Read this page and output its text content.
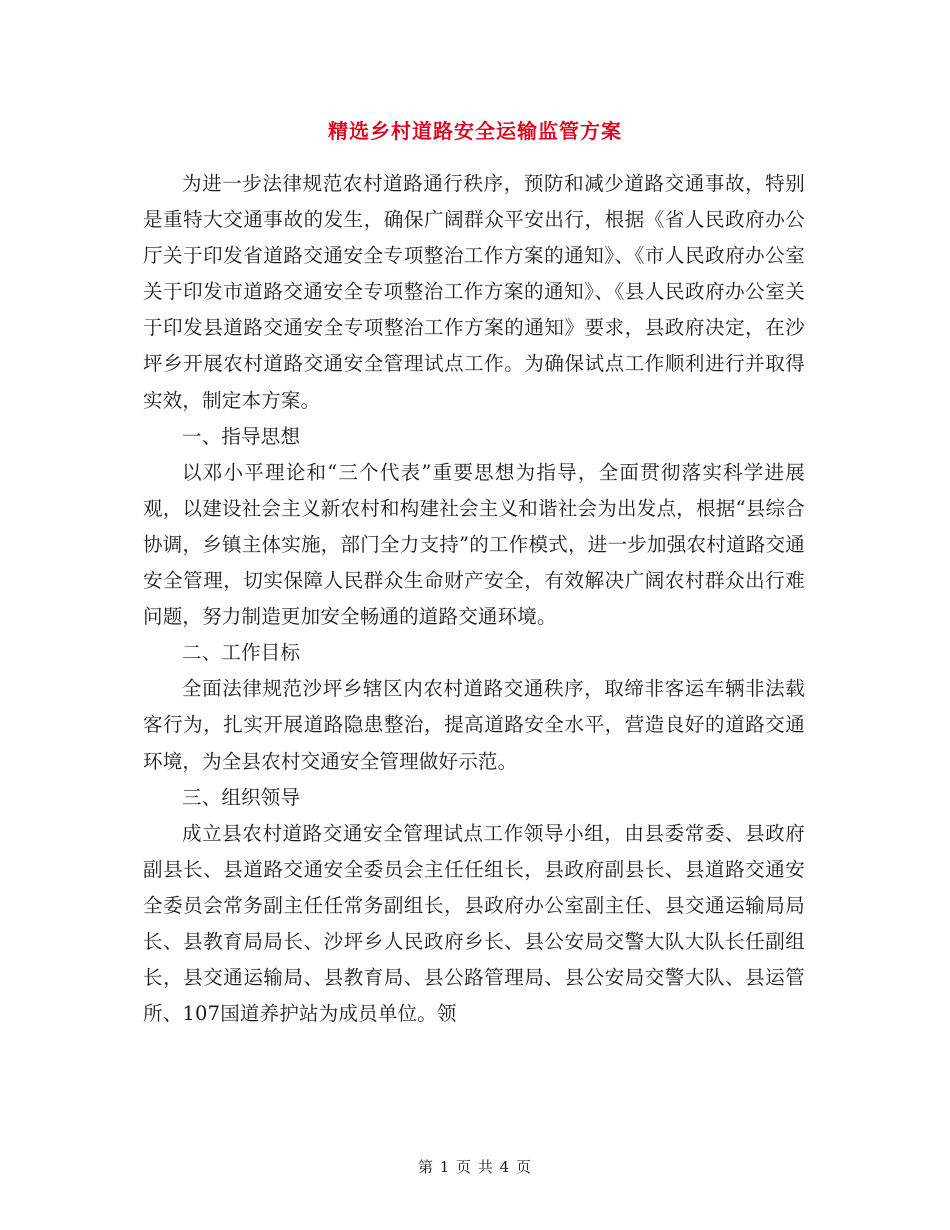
精选乡村道路安全运输监管方案

为进一步法律规范农村道路通行秩序，预防和减少道路交通事故，特别是重特大交通事故的发生，确保广阔群众平安出行，根据《省人民政府办公厅关于印发省道路交通安全专项整治工作方案的通知》、《市人民政府办公室关于印发市道路交通安全专项整治工作方案的通知》、《县人民政府办公室关于印发县道路交通安全专项整治工作方案的通知》要求，县政府决定，在沙坪乡开展农村道路交通安全管理试点工作。为确保试点工作顺利进行并取得实效，制定本方案。

一、指导思想

以邓小平理论和“三个代表”重要思想为指导，全面贯彻落实科学进展观，以建设社会主义新农村和构建社会主义和谐社会为出发点，根据“县综合协调，乡镇主体实施，部门全力支持”的工作模式，进一步加强农村道路交通安全管理，切实保障人民群众生命财产安全，有效解决广阔农村群众出行难问题，努力制造更加安全畅通的道路交通环境。

二、工作目标

全面法律规范沙坪乡辖区内农村道路交通秩序，取缔非客运车辆非法载客行为，扎实开展道路隐患整治，提高道路安全水平，营造良好的道路交通环境，为全县农村交通安全管理做好示范。

三、组织领导

成立县农村道路交通安全管理试点工作领导小组，由县委常委、县政府副县长、县道路交通安全委员会主任任组长，县政府副县长、县道路交通安全委员会常务副主任任常务副组长，县政府办公室副主任、县交通运输局局长、县教育局局长、沙坪乡人民政府乡长、县公安局交警大队大队长任副组长，县交通运输局、县教育局、县公路管理局、县公安局交警大队、县运管所、107国道养护站为成员单位。领

第 1 页 共 4 页
